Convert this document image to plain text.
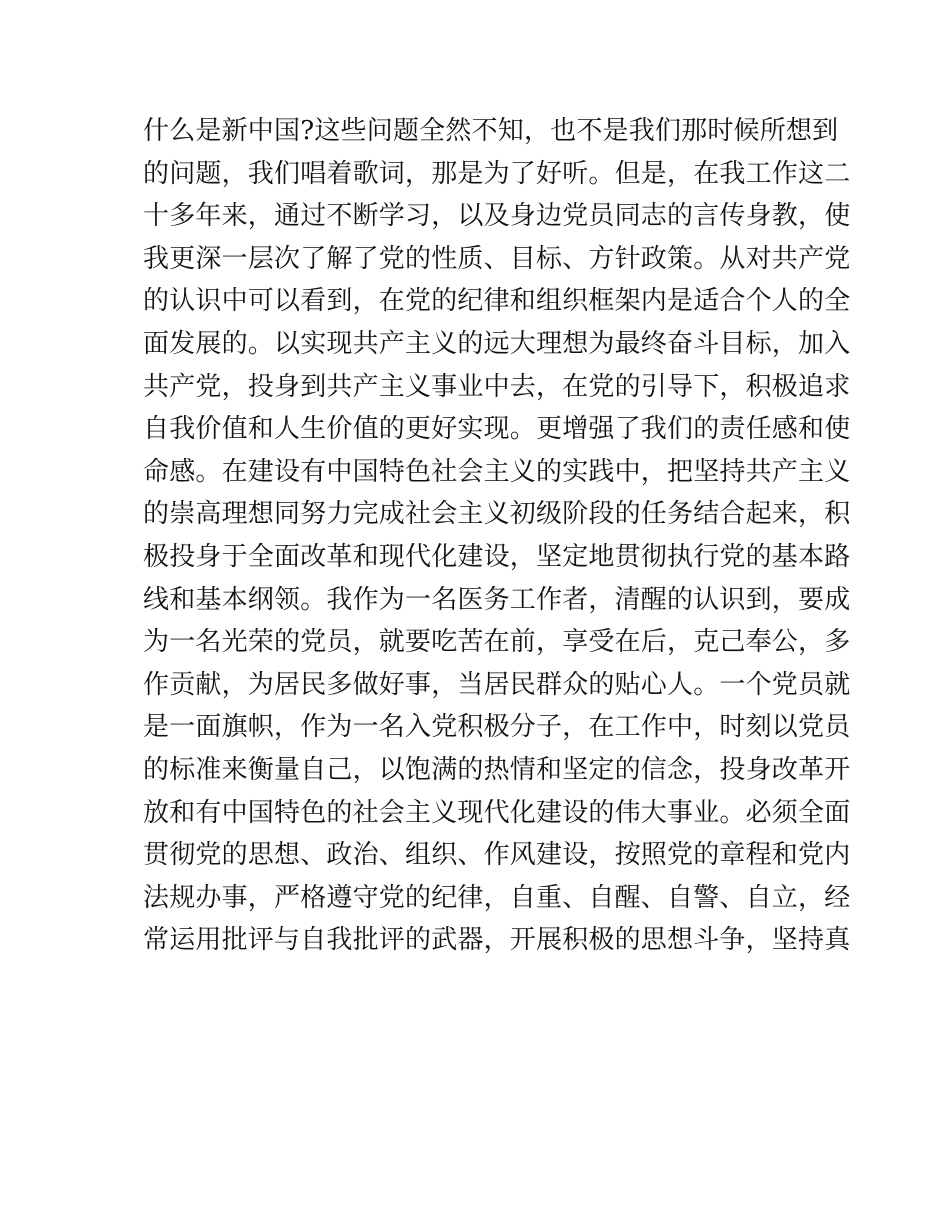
什么是新中国?这些问题全然不知，也不是我们那时候所想到
的问题，我们唱着歌词，那是为了好听。但是，在我工作这二
十多年来，通过不断学习，以及身边党员同志的言传身教，使
我更深一层次了解了党的性质、目标、方针政策。从对共产党
的认识中可以看到，在党的纪律和组织框架内是适合个人的全
面发展的。以实现共产主义的远大理想为最终奋斗目标，加入
共产党，投身到共产主义事业中去，在党的引导下，积极追求
自我价值和人生价值的更好实现。更增强了我们的责任感和使
命感。在建设有中国特色社会主义的实践中，把坚持共产主义
的崇高理想同努力完成社会主义初级阶段的任务结合起来，积
极投身于全面改革和现代化建设，坚定地贯彻执行党的基本路
线和基本纲领。我作为一名医务工作者，清醒的认识到，要成
为一名光荣的党员，就要吃苦在前，享受在后，克己奉公，多
作贡献，为居民多做好事，当居民群众的贴心人。一个党员就
是一面旗帜，作为一名入党积极分子，在工作中，时刻以党员
的标准来衡量自己，以饱满的热情和坚定的信念，投身改革开
放和有中国特色的社会主义现代化建设的伟大事业。必须全面
贯彻党的思想、政治、组织、作风建设，按照党的章程和党内
法规办事，严格遵守党的纪律，自重、自醒、自警、自立，经
常运用批评与自我批评的武器，开展积极的思想斗争，坚持真
